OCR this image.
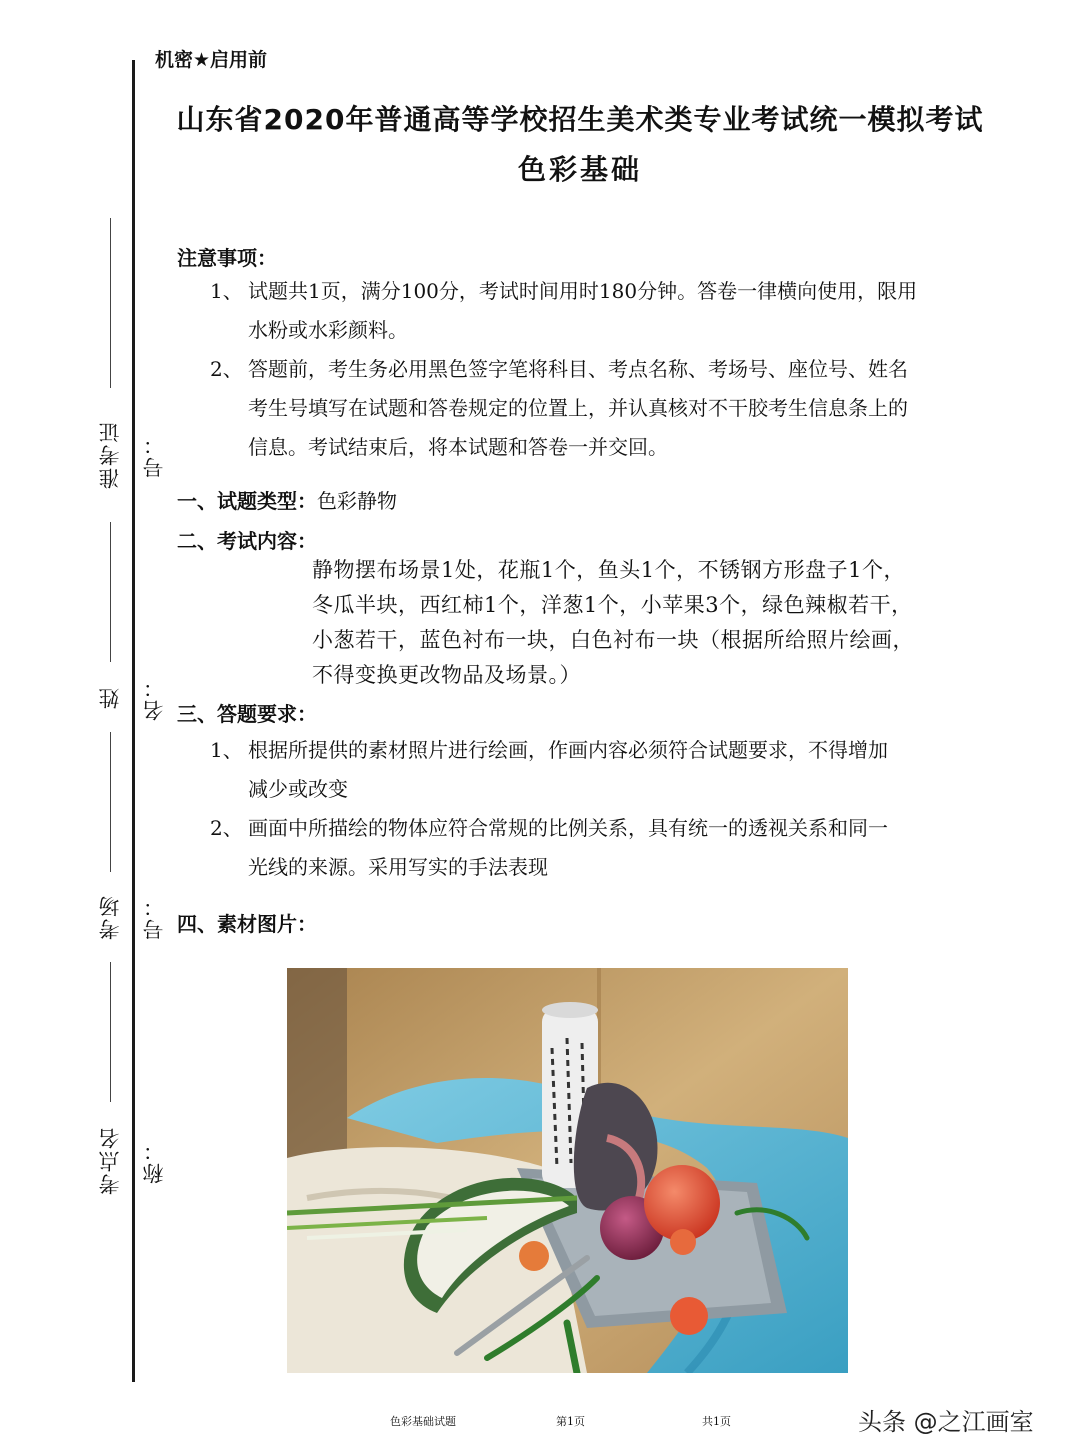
准考证号：
姓名：
考场号：
考点名称：
机密★启用前
山东省2020年普通高等学校招生美术类专业考试统一模拟考试
色彩基础
注意事项：
1、 试题共1页，满分100分，考试时间用时180分钟。答卷一律横向使用，限用
水粉或水彩颜料。
2、 答题前，考生务必用黑色签字笔将科目、考点名称、考场号、座位号、姓名
考生号填写在试题和答卷规定的位置上，并认真核对不干胶考生信息条上的
信息。考试结束后，将本试题和答卷一并交回。
一、试题类型：色彩静物
二、考试内容：
静物摆布场景1处，花瓶1个，鱼头1个，不锈钢方形盘子1个，
冬瓜半块，西红柿1个，洋葱1个，小苹果3个，绿色辣椒若干，
小葱若干，蓝色衬布一块，白色衬布一块（根据所给照片绘画，
不得变换更改物品及场景。）
三、答题要求：
1、 根据所提供的素材照片进行绘画，作画内容必须符合试题要求，不得增加
减少或改变
2、 画面中所描绘的物体应符合常规的比例关系，具有统一的透视关系和同一
光线的来源。采用写实的手法表现
四、素材图片：
色彩基础试题	第1页	共1页	头条 @之江画室
